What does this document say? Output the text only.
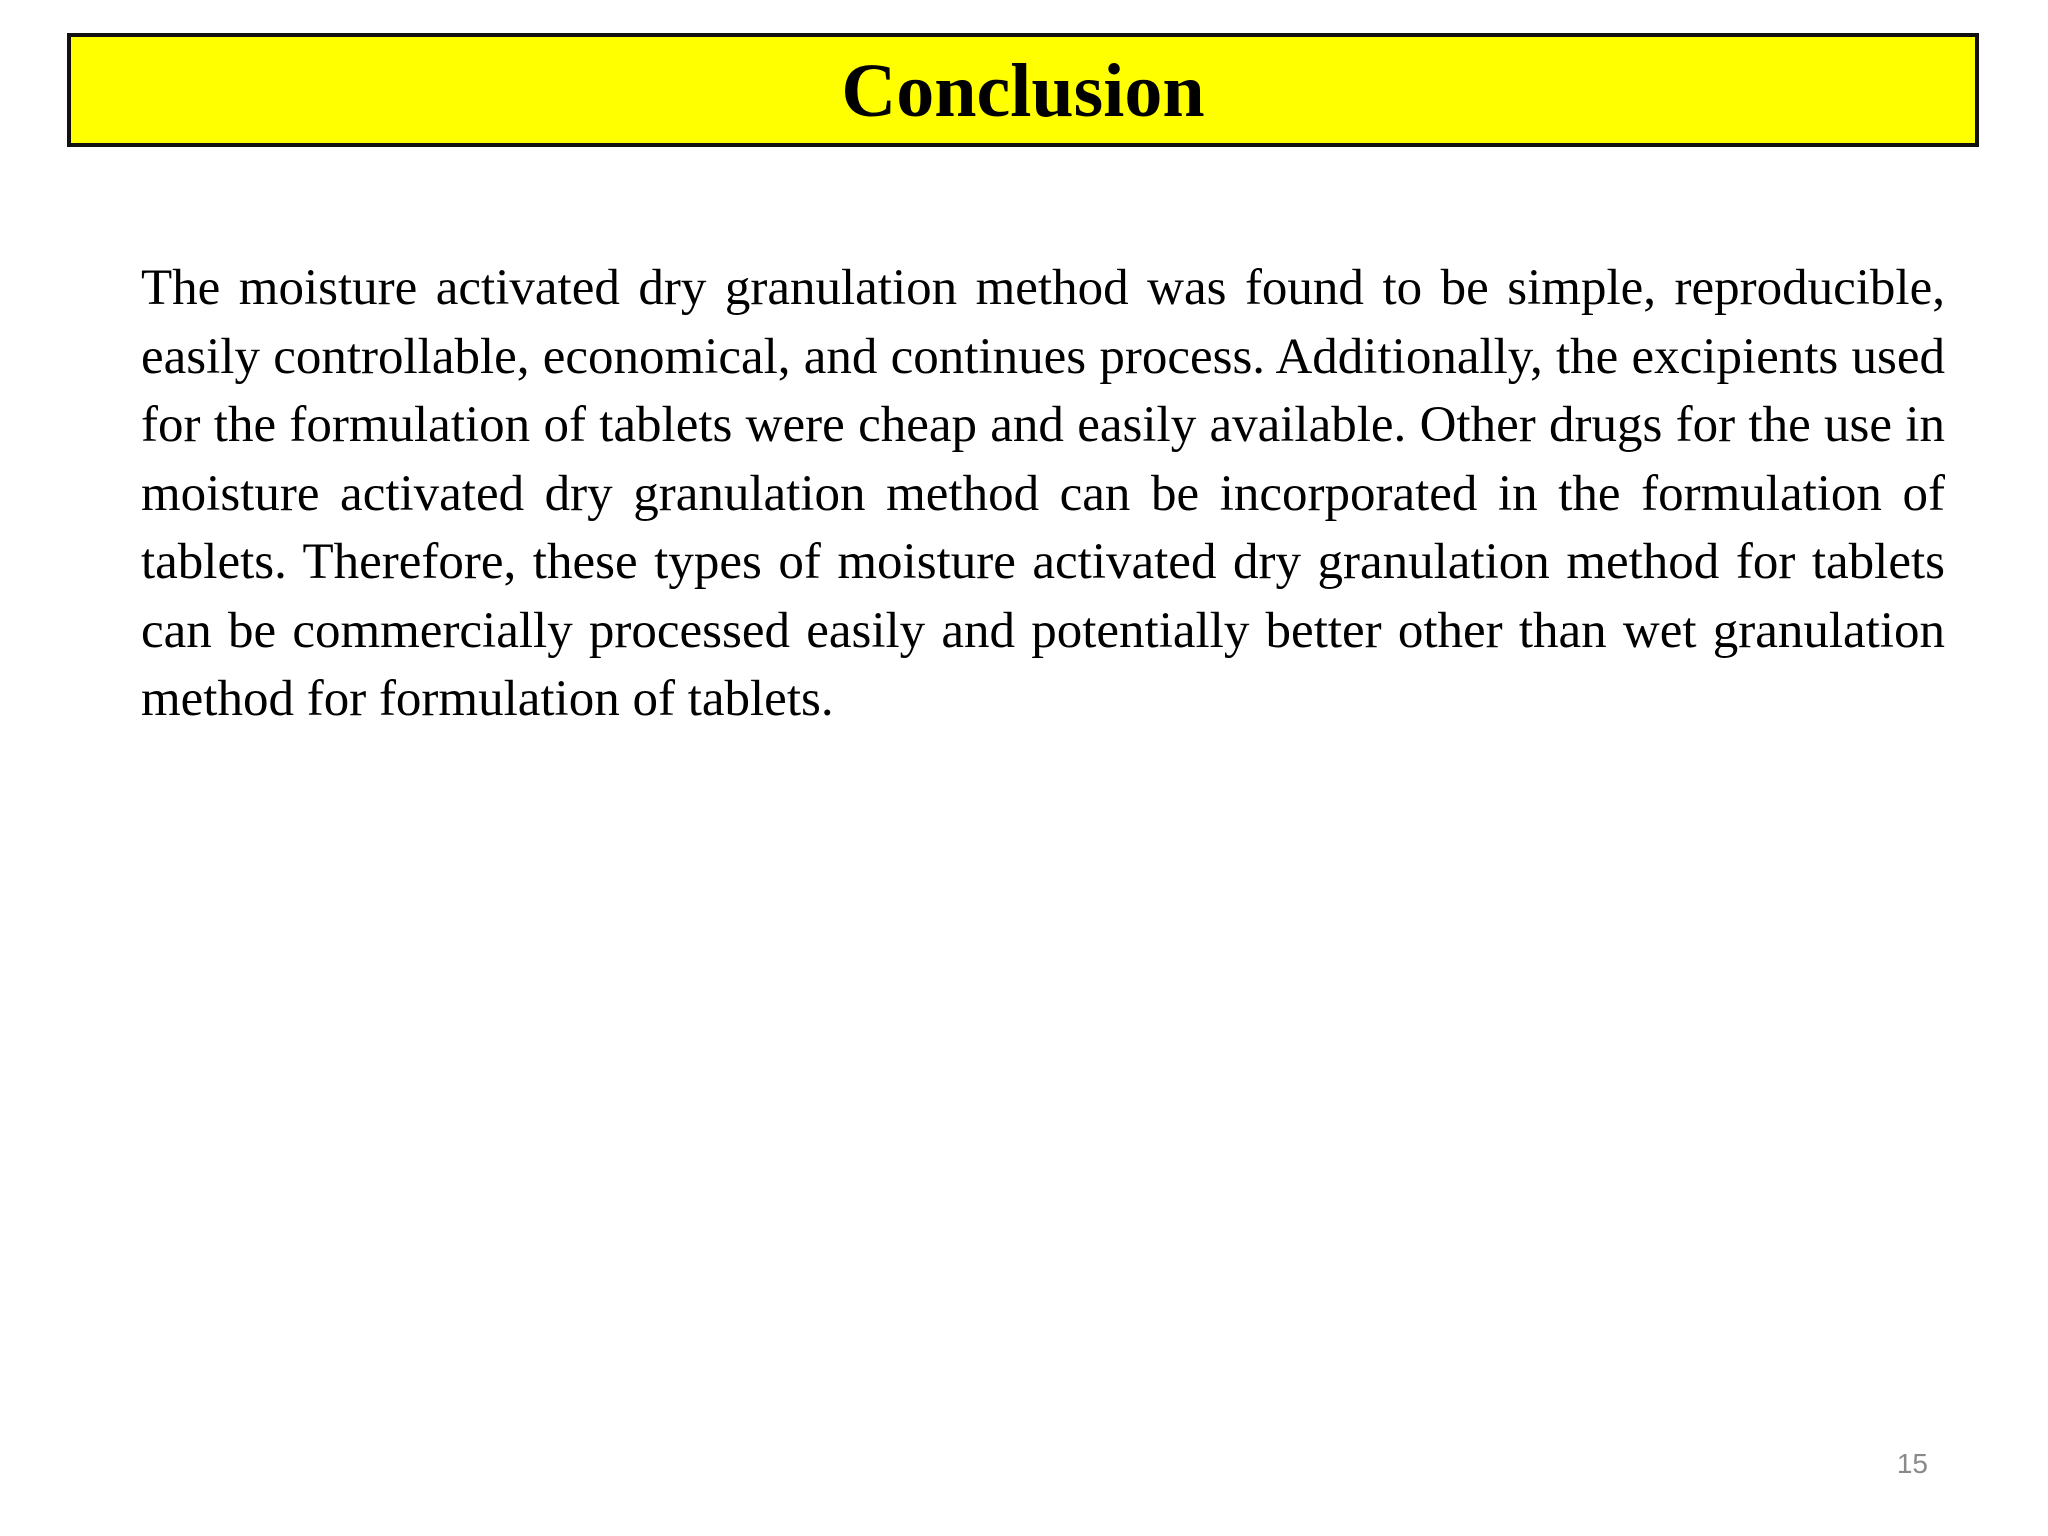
Conclusion

The moisture activated dry granulation method was found to be simple, reproducible, easily controllable, economical, and continues process. Additionally, the excipients used for the formulation of tablets were cheap and easily available. Other drugs for the use in moisture activated dry granulation method can be incorporated in the formulation of tablets. Therefore, these types of moisture activated dry granulation method for tablets can be commercially processed easily and potentially better other than wet granulation method for formulation of tablets.

15
